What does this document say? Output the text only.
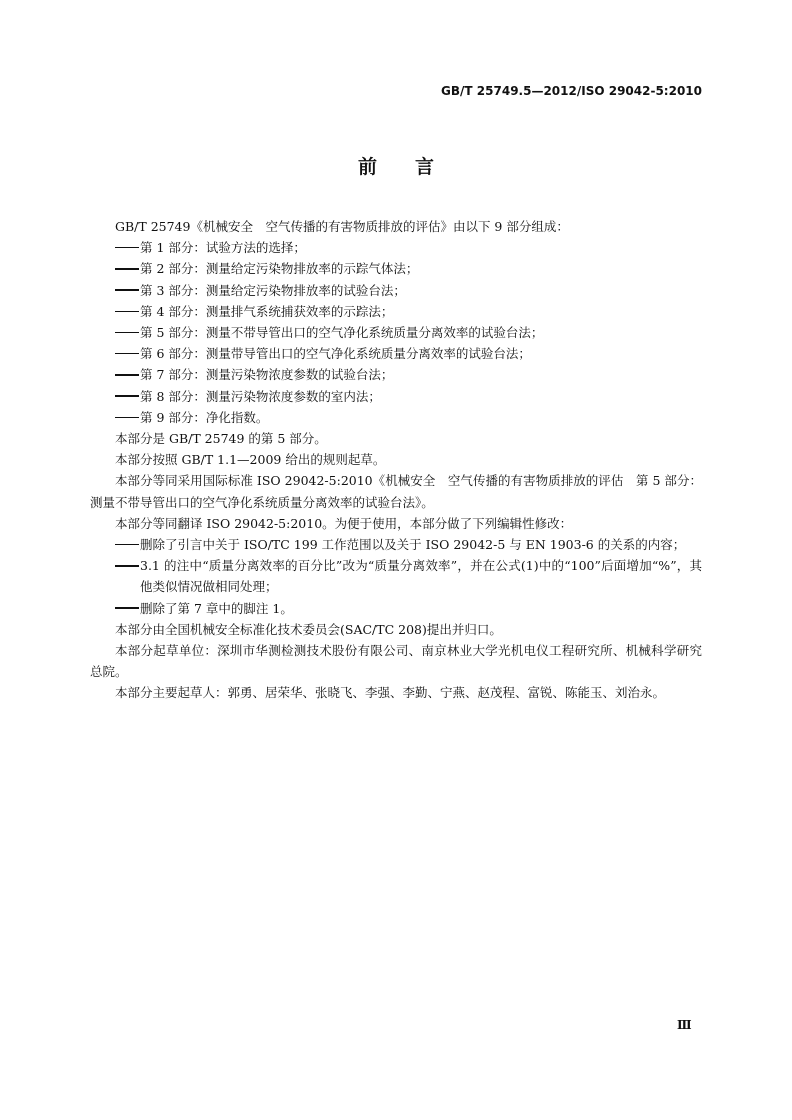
GB/T 25749.5—2012/ISO 29042-5:2010
前言
GB/T 25749《机械安全　空气传播的有害物质排放的评估》由以下 9 部分组成：
第 1 部分：试验方法的选择；
第 2 部分：测量给定污染物排放率的示踪气体法；
第 3 部分：测量给定污染物排放率的试验台法；
第 4 部分：测量排气系统捕获效率的示踪法；
第 5 部分：测量不带导管出口的空气净化系统质量分离效率的试验台法；
第 6 部分：测量带导管出口的空气净化系统质量分离效率的试验台法；
第 7 部分：测量污染物浓度参数的试验台法；
第 8 部分：测量污染物浓度参数的室内法；
第 9 部分：净化指数。
本部分是 GB/T 25749 的第 5 部分。
本部分按照 GB/T 1.1—2009 给出的规则起草。
本部分等同采用国际标准 ISO 29042-5:2010《机械安全　空气传播的有害物质排放的评估　第 5 部分：测量不带导管出口的空气净化系统质量分离效率的试验台法》。
本部分等同翻译 ISO 29042-5:2010。为便于使用，本部分做了下列编辑性修改：
删除了引言中关于 ISO/TC 199 工作范围以及关于 ISO 29042-5 与 EN 1903-6 的关系的内容；
3.1 的注中“质量分离效率的百分比”改为“质量分离效率”，并在公式(1)中的“100”后面增加“%”，其他类似情况做相同处理；
删除了第 7 章中的脚注 1。
本部分由全国机械安全标准化技术委员会(SAC/TC 208)提出并归口。
本部分起草单位：深圳市华测检测技术股份有限公司、南京林业大学光机电仪工程研究所、机械科学研究总院。
本部分主要起草人：郭勇、居荣华、张晓飞、李强、李勤、宁燕、赵茂程、富锐、陈能玉、刘治永。
Ⅲ
